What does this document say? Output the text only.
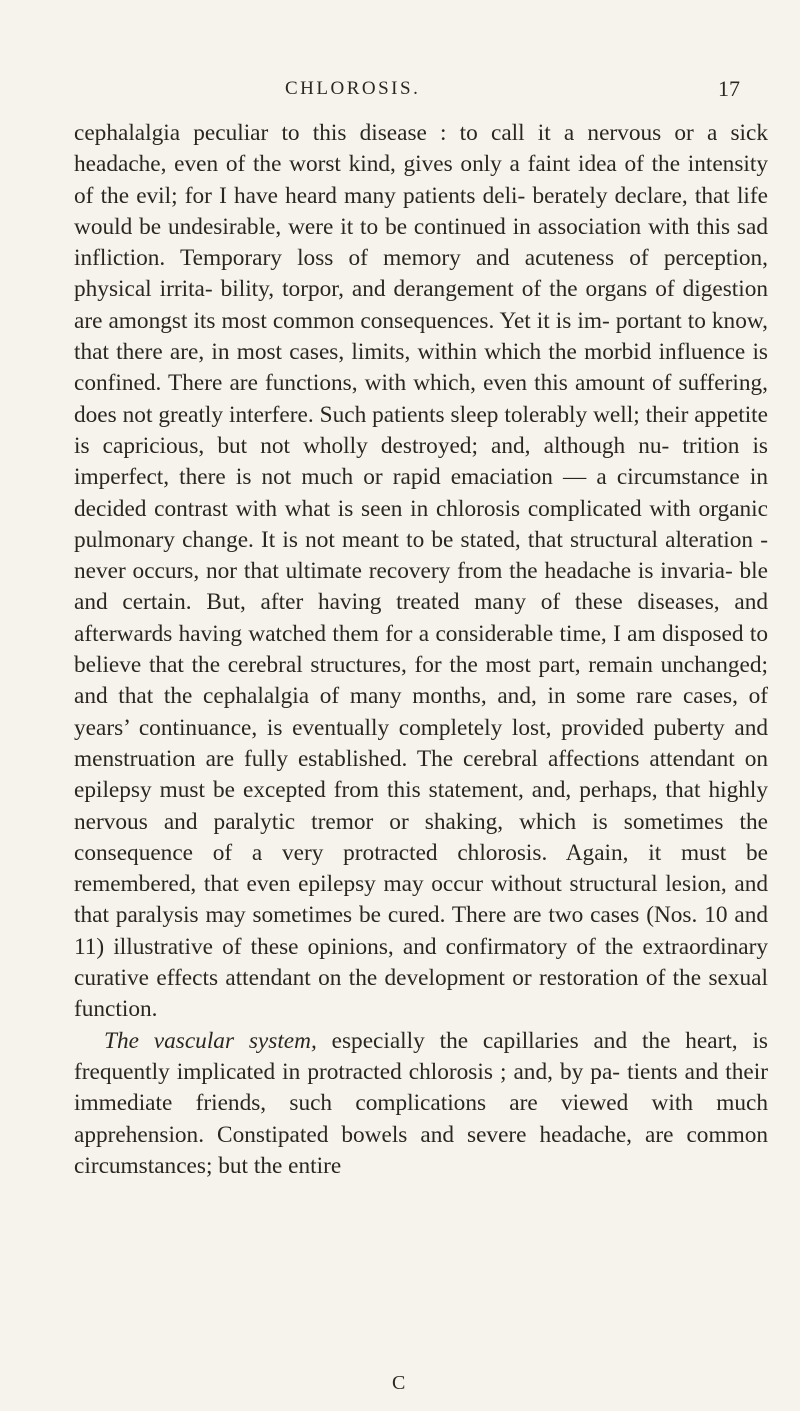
CHLOROSIS.	17

cephalalgia peculiar to this disease : to call it a nervous or a sick headache, even of the worst kind, gives only a faint idea of the intensity of the evil; for I have heard many patients deli- berately declare, that life would be undesirable, were it to be continued in association with this sad infliction. Temporary loss of memory and acuteness of perception, physical irrita- bility, torpor, and derangement of the organs of digestion are amongst its most common consequences. Yet it is im- portant to know, that there are, in most cases, limits, within which the morbid influence is confined. There are functions, with which, even this amount of suffering, does not greatly interfere. Such patients sleep tolerably well; their appetite is capricious, but not wholly destroyed; and, although nu- trition is imperfect, there is not much or rapid emaciation — a circumstance in decided contrast with what is seen in chlorosis complicated with organic pulmonary change. It is not meant to be stated, that structural alteration -never occurs, nor that ultimate recovery from the headache is invaria- ble and certain. But, after having treated many of these diseases, and afterwards having watched them for a considerable time, I am disposed to believe that the cerebral structures, for the most part, remain unchanged; and that the cephalalgia of many months, and, in some rare cases, of years’ continuance, is eventually completely lost, provided puberty and menstruation are fully established. The cerebral affections attendant on epilepsy must be excepted from this statement, and, perhaps, that highly nervous and paralytic tremor or shaking, which is sometimes the consequence of a very protracted chlorosis. Again, it must be remembered, that even epilepsy may occur without structural lesion, and that paralysis may sometimes be cured. There are two cases (Nos. 10 and 11) illustrative of these opinions, and confirmatory of the extraordinary curative effects attendant on the development or restoration of the sexual function.

The vascular system, especially the capillaries and the heart, is frequently implicated in protracted chlorosis ; and, by pa- tients and their immediate friends, such complications are viewed with much apprehension. Constipated bowels and severe headache, are common circumstances; but the entire

C
